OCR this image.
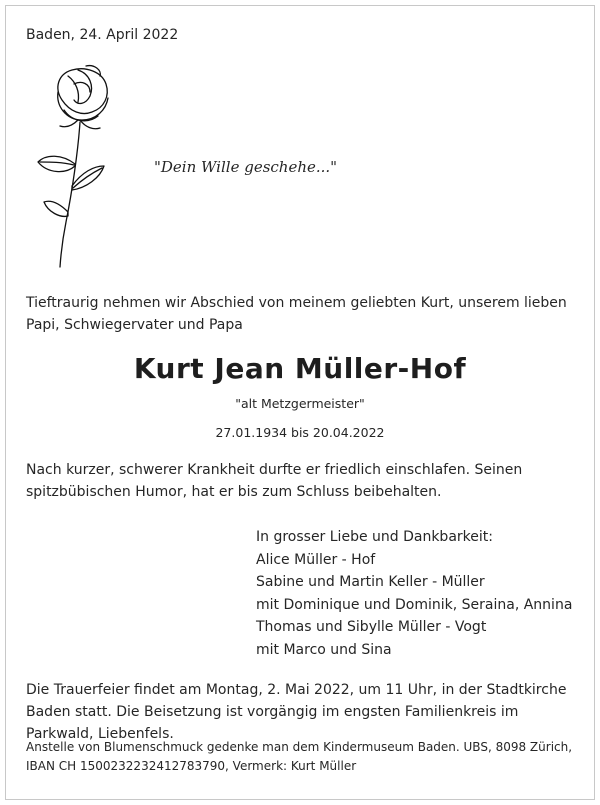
Baden, 24. April 2022

"Dein Wille geschehe..."

Tieftraurig nehmen wir Abschied von meinem geliebten Kurt, unserem lieben Papi, Schwiegervater und Papa

Kurt Jean Müller-Hof
"alt Metzgermeister"
27.01.1934 bis 20.04.2022

Nach kurzer, schwerer Krankheit durfte er friedlich einschlafen. Seinen spitzbübischen Humor, hat er bis zum Schluss beibehalten.

In grosser Liebe und Dankbarkeit:
Alice Müller - Hof
Sabine und Martin Keller - Müller
mit Dominique und Dominik, Seraina, Annina
Thomas und Sibylle Müller - Vogt
mit Marco und Sina

Die Trauerfeier findet am Montag, 2. Mai 2022, um 11 Uhr, in der Stadtkirche Baden statt. Die Beisetzung ist vorgängig im engsten Familienkreis im Parkwald, Liebenfels.

Anstelle von Blumenschmuck gedenke man dem Kindermuseum Baden. UBS, 8098 Zürich, IBAN CH 1500232232412783790, Vermerk: Kurt Müller
